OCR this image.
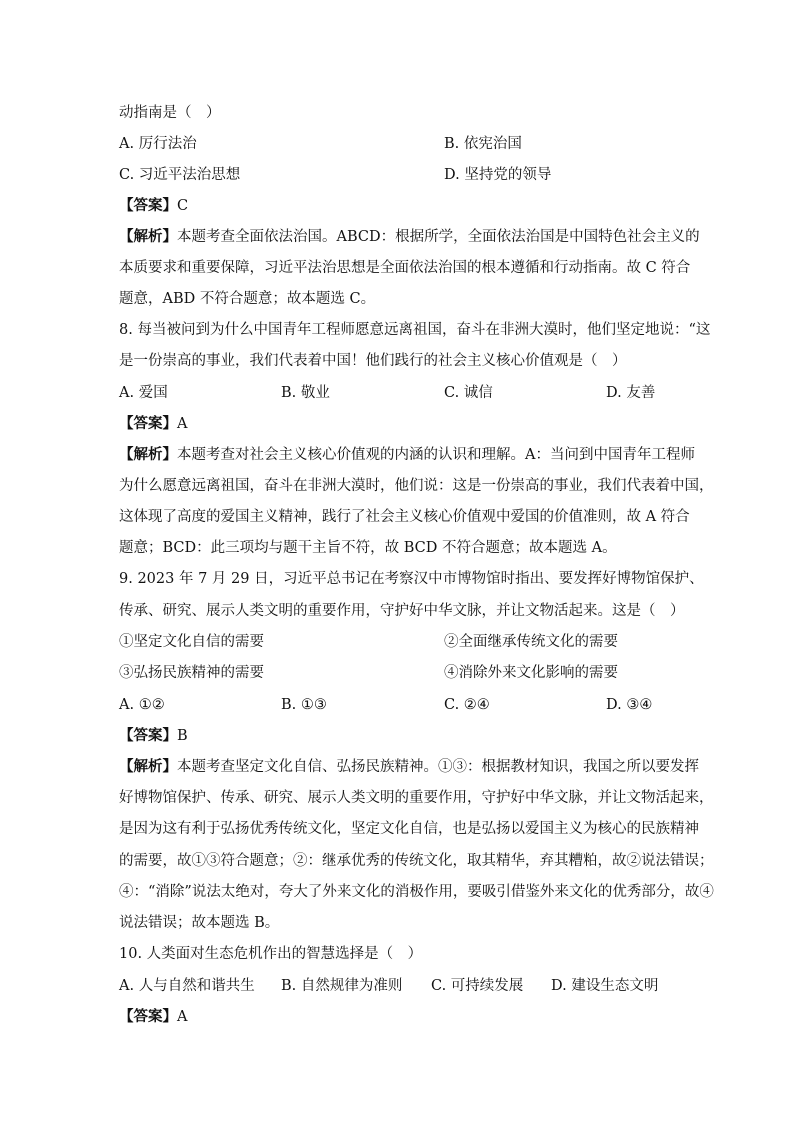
动指南是（　）
A. 厉行法治	B. 依宪治国
C. 习近平法治思想	D. 坚持党的领导
【答案】C
【解析】本题考查全面依法治国。ABCD：根据所学，全面依法治国是中国特色社会主义的
本质要求和重要保障，习近平法治思想是全面依法治国的根本遵循和行动指南。故 C 符合
题意，ABD 不符合题意；故本题选 C。
8. 每当被问到为什么中国青年工程师愿意远离祖国，奋斗在非洲大漠时，他们坚定地说：“这
是一份崇高的事业，我们代表着中国！他们践行的社会主义核心价值观是（　）
A. 爱国	B. 敬业	C. 诚信	D. 友善
【答案】A
【解析】本题考查对社会主义核心价值观的内涵的认识和理解。A：当问到中国青年工程师
为什么愿意远离祖国，奋斗在非洲大漠时，他们说：这是一份崇高的事业，我们代表着中国，
这体现了高度的爱国主义精神，践行了社会主义核心价值观中爱国的价值准则，故 A 符合
题意；BCD：此三项均与题干主旨不符，故 BCD 不符合题意；故本题选 A。
9. 2023 年 7 月 29 日，习近平总书记在考察汉中市博物馆时指出、要发挥好博物馆保护、
传承、研究、展示人类文明的重要作用，守护好中华文脉，并让文物活起来。这是（　）
①坚定文化自信的需要	②全面继承传统文化的需要
③弘扬民族精神的需要	④消除外来文化影响的需要
A. ①②	B. ①③	C. ②④	D. ③④
【答案】B
【解析】本题考查坚定文化自信、弘扬民族精神。①③：根据教材知识，我国之所以要发挥
好博物馆保护、传承、研究、展示人类文明的重要作用，守护好中华文脉，并让文物活起来，
是因为这有利于弘扬优秀传统文化，坚定文化自信，也是弘扬以爱国主义为核心的民族精神
的需要，故①③符合题意；②：继承优秀的传统文化，取其精华，弃其糟粕，故②说法错误；
④：“消除”说法太绝对，夸大了外来文化的消极作用，要吸引借鉴外来文化的优秀部分，故④
说法错误；故本题选 B。
10. 人类面对生态危机作出的智慧选择是（　）
A. 人与自然和谐共生 B. 自然规律为准则 C. 可持续发展 D. 建设生态文明
【答案】A
